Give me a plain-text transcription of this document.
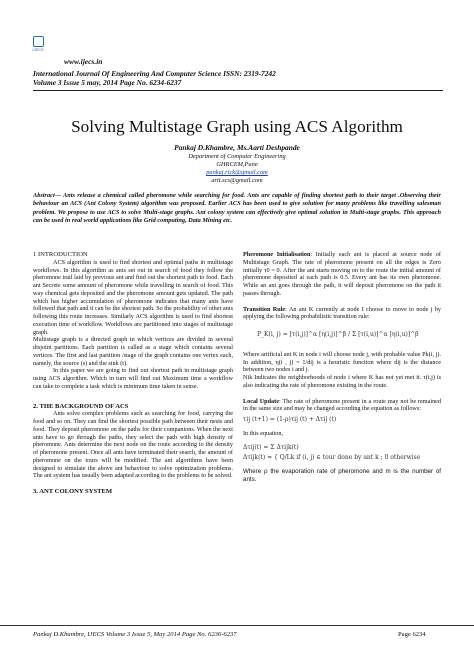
IJECS
www.ijecs.in
International Journal Of Engineering And Computer Science ISSN: 2319-7242
Volume 3 Issue 5 may, 2014 Page No. 6234-6237
Solving Multistage Graph using ACS Algorithm
Pankaj D.Khambre, Ms.Aarti Deshpande
Department of Computer Engineering
GHRCEM,Pune
pankaj.rick@gmail.com
arti.scs@gmail.com
Abstract— Ants release a chemical called pheromone while searching for food. Ants are capable of finding shortest path to their target .Observing their behaviour an ACS (Ant Colony System) algorithm was proposed. Earlier ACS has been used to give solution for many problems like travelling salesman problem. We propose to use ACS to solve Multi-stage graphs. Ant colony system can effectively give optimal solution in Multi-stage graphs. This approach can be used in real world applications like Grid computing, Data Mining etc.
1 INTRODUCTION
ACS algorithm is used to find shortest and optimal paths in multistage workflows. In this algorithm as ants set out in search of food they follow the pheromone trail laid by previous ant and find out the shortest path to food. Each ant Secrete some amount of pheromone while travelling in search of food. This way chemical gets deposited and the pheromone amount gets updated. The path which has higher accumulation of pheromone indicates that many ants have followed that path and it can be the shortest path. So the probability of other ants following this route increases. Similarly ACS algorithm is used to find shortest execution time of workflow. Workflows are partitioned into stages of multistage graph.
Multistage graph is a directed graph in which vertices are divided in several disjoint partitions. Each partition is called as a stage which contains several vertices. The first and last partition /stage of the graph contains one vertex each, namely, the source (s) and the sink (t).
In this paper we are going to find out shortest path in multistage graph using ACS algorithm. Which in turn will find out Maximum time a workflow can take to complete a task which is minimum time taken in sense.
2. THE BACKGROUND OF ACS
Ants solve complex problems such as searching for food, carrying the food and so on. They can find the shortest possible path between their nests and food. They deposit pheromone on the paths for their companions. When the next ants have to go through the paths, they select the path with high density of pheromone. Ants determine the next node on the route according to the density of pheromone present. Once all ants have terminated their search, the amount of pheromone on the tours will be modified. The ant algorithms have been designed to simulate the above ant behaviour to solve optimization problems. The ant system has usually been adapted according to the problems to be solved.
3. ANT COLONY SYSTEM
Pheromone Initialisation: Initially each ant is placed at source node of Multistage Graph. The rate of pheromone present on all the edges is Zero initially τ0 = 0. After the ant starts moving on to the route the initial amount of pheromone deposited at each path is 0.5. Every ant has its own pheromone. While an ant goes through the path, it will deposit pheromone on the path it passes through.
Transition Rule: An ant K currently at node I choose to move to node j by applying the following probabilistic transition rule:
P_K(i, j) = [τ(i,j)]^α [η(i,j)]^β / Σ [τ(i,u)]^α [η(i,u)]^β
Where artificial ant K in node i will choose node j, with probable value Pk(i, j). In addition, η(i , j) = 1/dij is a heuristic function where dij is the distance between two nodes i and j.
Nik Indicates the neighborhoods of node i where K has not yet met it. τ(i,j) is also indicating the rate of pheromone existing in the route.
Local Update: The rate of pheromone present in a route may not be remained in the same size and may be changed according the equation as follows:
τij (t+1) = (1-ρ)τij (t) + Δτij (t)
In this equation,
Δτij(t) = Σ Δτijk(t)
Δτijk(t) = { Q/Lk if (i, j) ∈ tour done by ant k ; 0 otherwise
Where ρ the evaporation rate of pheromone and m is the number of ants.
Pankaj D.Khambre, IJECS Volume 3 Issue 5, May 2014 Page No. 6236-6237	Page 6234
